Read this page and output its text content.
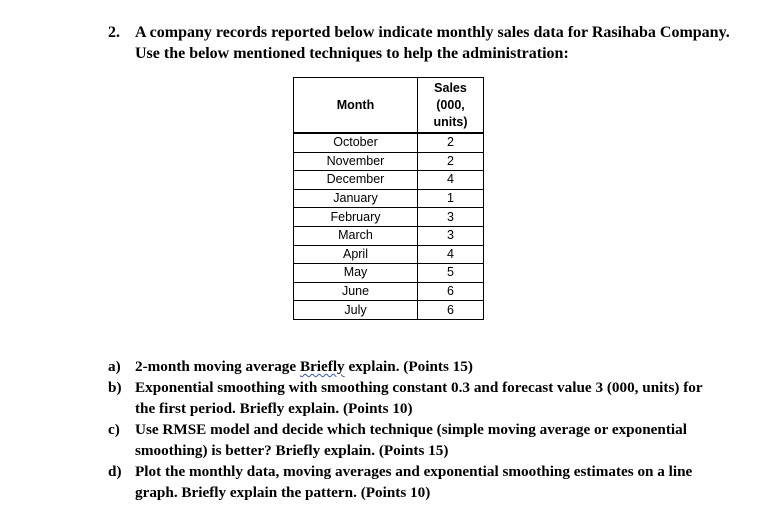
2. A company records reported below indicate monthly sales data for Rasihaba Company. Use the below mentioned techniques to help the administration:
Month	Sales
(000,
units)
October	2
November	2
December	4
January	1
February	3
March	3
April	4
May	5
June	6
July	6
a) 2-month moving average Briefly explain. (Points 15)
b) Exponential smoothing with smoothing constant 0.3 and forecast value 3 (000, units) for the first period. Briefly explain. (Points 10)
c) Use RMSE model and decide which technique (simple moving average or exponential smoothing) is better? Briefly explain. (Points 15)
d) Plot the monthly data, moving averages and exponential smoothing estimates on a line graph. Briefly explain the pattern. (Points 10)
